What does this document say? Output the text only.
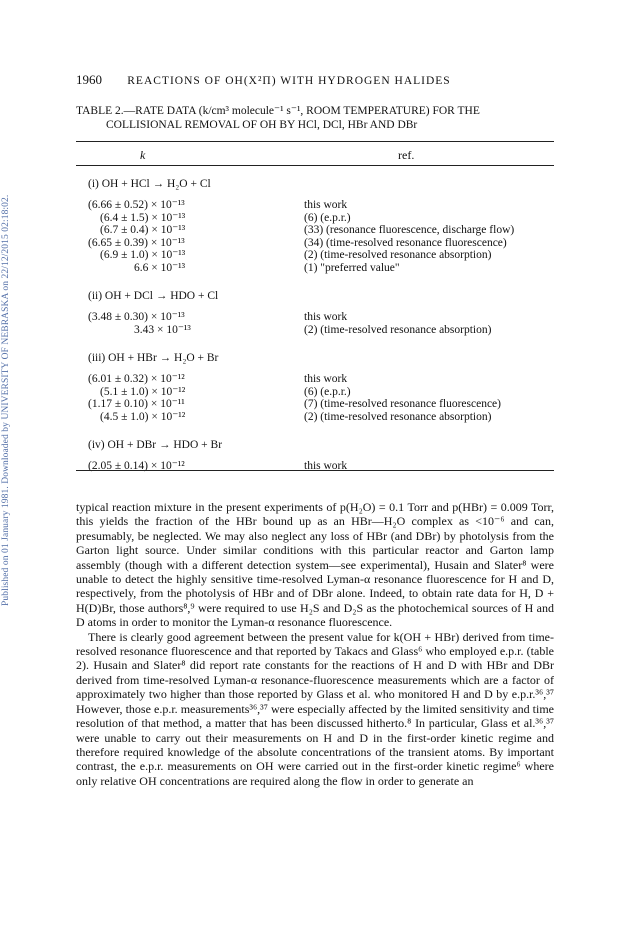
Published on 01 January 1981. Downloaded by UNIVERSITY OF NEBRASKA on 22/12/2015 02:18:02.
1960 REACTIONS OF OH(X²Π) WITH HYDROGEN HALIDES
TABLE 2.—RATE DATA (k/cm³ molecule⁻¹ s⁻¹, ROOM TEMPERATURE) FOR THE
COLLISIONAL REMOVAL OF OH BY HCl, DCl, HBr AND DBr
k	ref.
(i) OH + HCl → H₂O + Cl
(6.66 ± 0.52) × 10⁻¹³	this work
(6.4 ± 1.5) × 10⁻¹³	(6) (e.p.r.)
(6.7 ± 0.4) × 10⁻¹³	(33) (resonance fluorescence, discharge flow)
(6.65 ± 0.39) × 10⁻¹³	(34) (time-resolved resonance fluorescence)
(6.9 ± 1.0) × 10⁻¹³	(2) (time-resolved resonance absorption)
6.6 × 10⁻¹³	(1) "preferred value"
(ii) OH + DCl → HDO + Cl
(3.48 ± 0.30) × 10⁻¹³	this work
3.43 × 10⁻¹³	(2) (time-resolved resonance absorption)
(iii) OH + HBr → H₂O + Br
(6.01 ± 0.32) × 10⁻¹²	this work
(5.1 ± 1.0) × 10⁻¹²	(6) (e.p.r.)
(1.17 ± 0.10) × 10⁻¹¹	(7) (time-resolved resonance fluorescence)
(4.5 ± 1.0) × 10⁻¹²	(2) (time-resolved resonance absorption)
(iv) OH + DBr → HDO + Br
(2.05 ± 0.14) × 10⁻¹²	this work

typical reaction mixture in the present experiments of p(H₂O) = 0.1 Torr and p(HBr) = 0.009 Torr, this yields the fraction of the HBr bound up as an HBr—H₂O complex as <10⁻⁶ and can, presumably, be neglected. We may also neglect any loss of HBr (and DBr) by photolysis from the Garton light source. Under similar conditions with this particular reactor and Garton lamp assembly (though with a different detection system—see experimental), Husain and Slater⁸ were unable to detect the highly sensitive time-resolved Lyman-α resonance fluorescence for H and D, respectively, from the photolysis of HBr and of DBr alone. Indeed, to obtain rate data for H, D + H(D)Br, those authors⁸,⁹ were required to use H₂S and D₂S as the photochemical sources of H and D atoms in order to monitor the Lyman-α resonance fluorescence.

There is clearly good agreement between the present value for k(OH + HBr) derived from time-resolved resonance fluorescence and that reported by Takacs and Glass⁶ who employed e.p.r. (table 2). Husain and Slater⁸ did report rate constants for the reactions of H and D with HBr and DBr derived from time-resolved Lyman-α resonance-fluorescence measurements which are a factor of approximately two higher than those reported by Glass et al. who monitored H and D by e.p.r.³⁶,³⁷ However, those e.p.r. measurements³⁶,³⁷ were especially affected by the limited sensitivity and time resolution of that method, a matter that has been discussed hitherto.⁸ In particular, Glass et al.³⁶,³⁷ were unable to carry out their measurements on H and D in the first-order kinetic regime and therefore required knowledge of the absolute concentrations of the transient atoms. By important contrast, the e.p.r. measurements on OH were carried out in the first-order kinetic regime⁶ where only relative OH concentrations are required along the flow in order to generate an
